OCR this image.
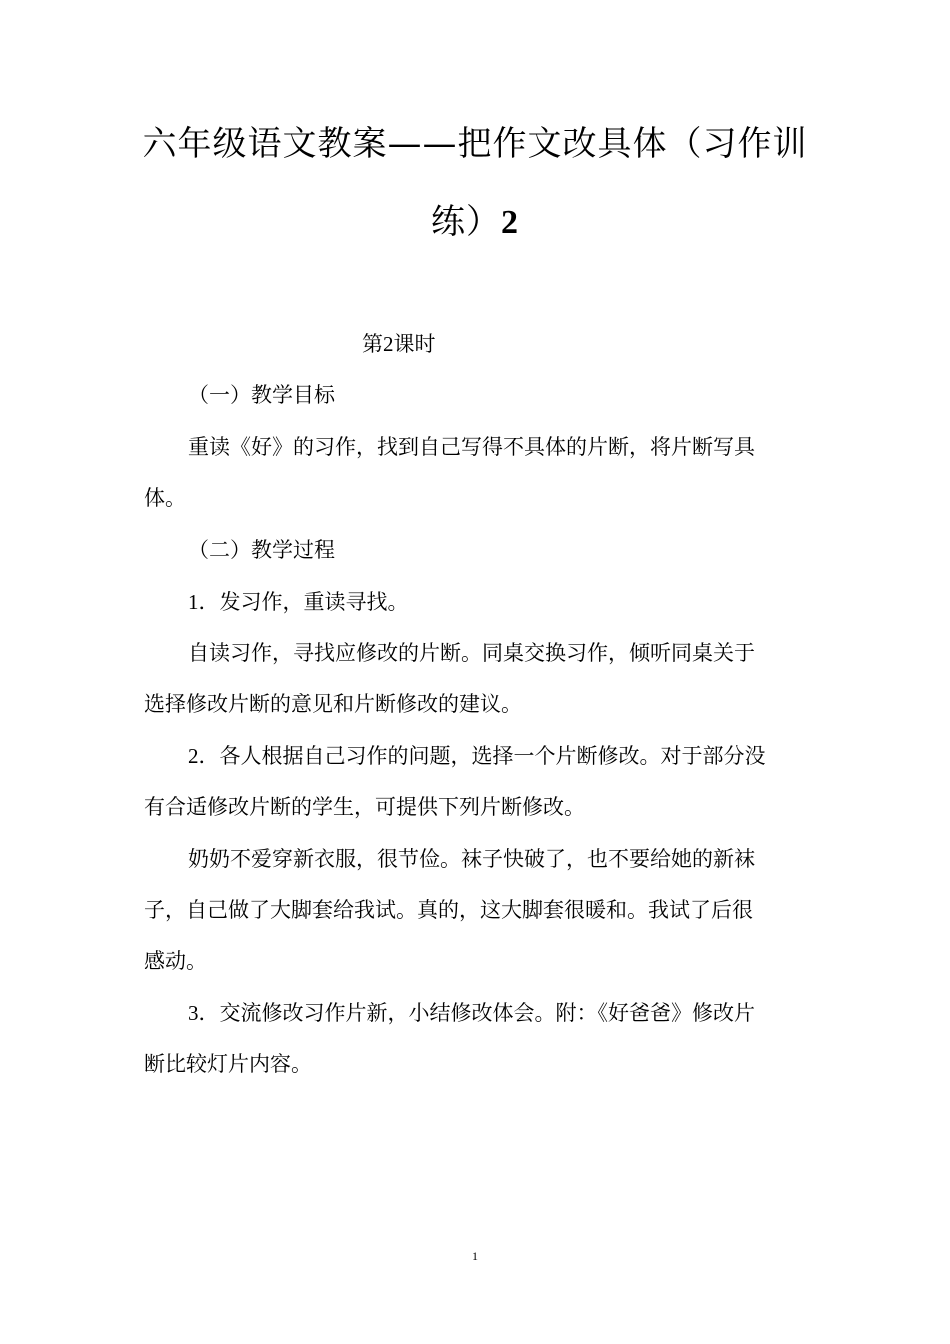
六年级语文教案——把作文改具体（习作训
练）2
第2课时
（一）教学目标
重读《好》的习作，找到自己写得不具体的片断，将片断写具
体。
（二）教学过程
1．发习作，重读寻找。
自读习作，寻找应修改的片断。同桌交换习作，倾听同桌关于
选择修改片断的意见和片断修改的建议。
2．各人根据自己习作的问题，选择一个片断修改。对于部分没
有合适修改片断的学生，可提供下列片断修改。
奶奶不爱穿新衣服，很节俭。袜子快破了，也不要给她的新袜
子，自己做了大脚套给我试。真的，这大脚套很暖和。我试了后很
感动。
3．交流修改习作片新，小结修改体会。附：《好爸爸》修改片
断比较灯片内容。
1
